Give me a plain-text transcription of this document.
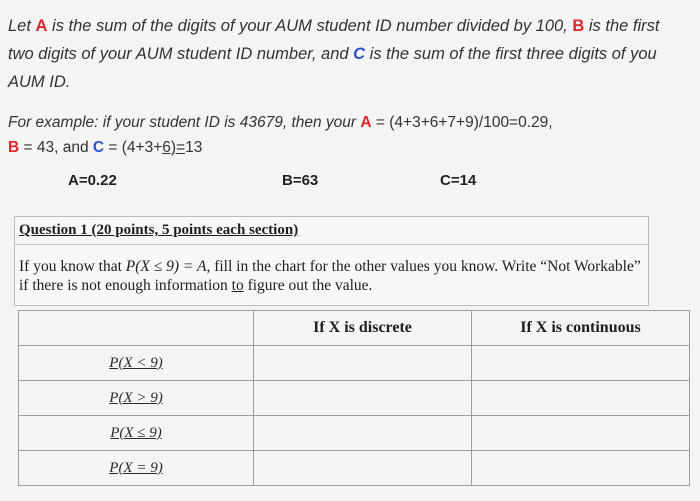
Let A is the sum of the digits of your AUM student ID number divided by 100, B is the first two digits of your AUM student ID number, and C is the sum of the first three digits of you AUM ID.
For example: if your student ID is 43679, then your A = (4+3+6+7+9)/100=0.29,
B = 43, and C = (4+3+6)=13
A=0.22	B=63	C=14
Question 1 (20 points, 5 points each section)
If you know that P(X ≤ 9) = A, fill in the chart for the other values you know. Write “Not Workable” if there is not enough information to figure out the value.
	If X is discrete	If X is continuous
P(X < 9)		
P(X > 9)		
P(X ≤ 9)		
P(X = 9)		
